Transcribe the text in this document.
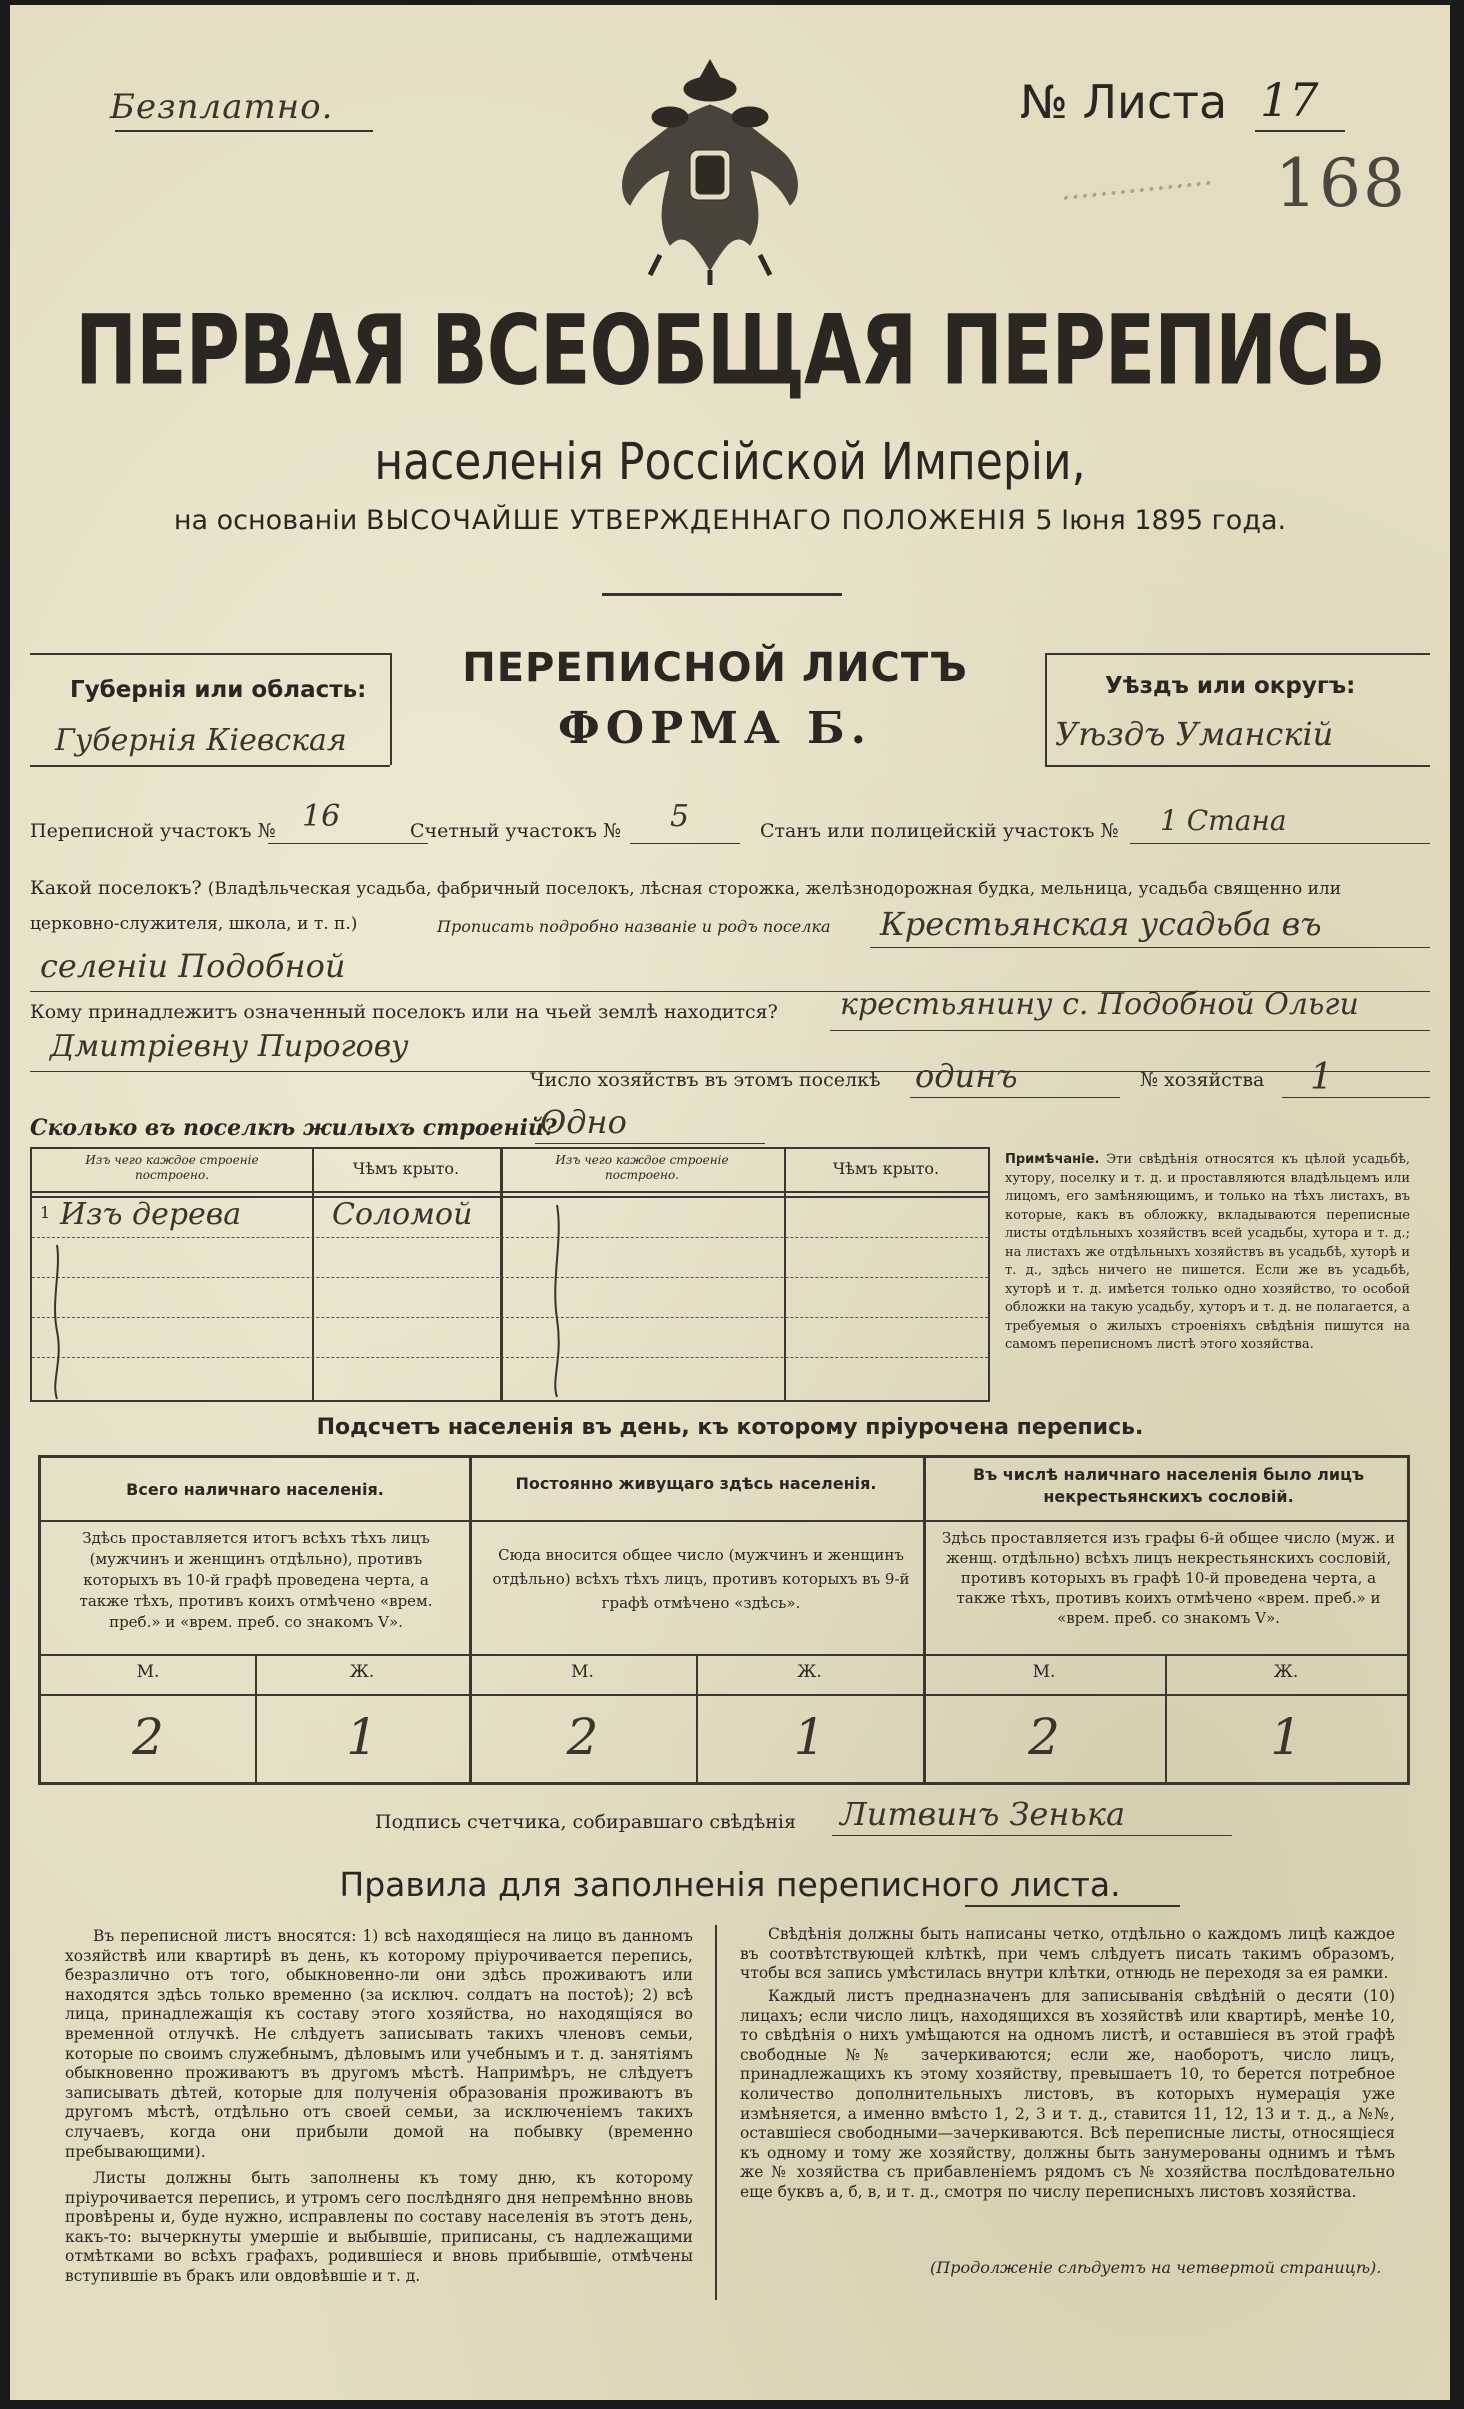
Безплатно.	№ Листа 17
168
................
ПЕРВАЯ ВСЕОБЩАЯ ПЕРЕПИСЬ
населенія Россійской Имперіи,
на основаніи ВЫСОЧАЙШЕ УТВЕРЖДЕННАГО ПОЛОЖЕНІЯ 5 Іюня 1895 года.
Губернія или область:
Губернія Кіевская
ПЕРЕПИСНОЙ ЛИСТЪ
ФОРМА Б.
Уѣздъ или округъ:
Уѣздъ Уманскій
Переписной участокъ № 16	Счетный участокъ № 5	Станъ или полицейскій участокъ № 1 Стана
Какой поселокъ? (Владѣльческая усадьба, фабричный поселокъ, лѣсная сторожка, желѣзнодорожная будка, мельница, усадьба священно или церковно-служителя, школа, и т. п.)	Прописать подробно названіе и родъ поселка Крестьянская усадьба въ
селеніи Подобной
Кому принадлежитъ означенный поселокъ или на чьей землѣ находится? крестьянину с. Подобной Ольги
Дмитріевну Пирогову
Число хозяйствъ въ этомъ поселкѣ одинъ	№ хозяйства 1
Сколько въ поселкѣ жилыхъ строеній?
Одно
Изъ чего каждое строеніе построено.	Чѣмъ крыто.	Изъ чего каждое строеніе построено.	Чѣмъ крыто.
1 Изъ дерева	Соломой
Примѣчаніе. Эти свѣдѣнія относятся къ цѣлой усадьбѣ, хутору, поселку и т. д. и проставляются владѣльцемъ или лицомъ, его замѣняющимъ, и только на тѣхъ листахъ, въ которые, какъ въ обложку, вкладываются переписные листы отдѣльныхъ хозяйствъ всей усадьбы, хутора и т. д.; на листахъ же отдѣльныхъ хозяйствъ въ усадьбѣ, хуторѣ и т. д., здѣсь ничего не пишется. Если же въ усадьбѣ, хуторѣ и т. д. имѣется только одно хозяйство, то особой обложки на такую усадьбу, хуторъ и т. д. не полагается, а требуемыя о жилыхъ строеніяхъ свѣдѣнія пишутся на самомъ переписномъ листѣ этого хозяйства.
Подсчетъ населенія въ день, къ которому пріурочена перепись.
Всего наличнаго населенія.	Постоянно живущаго здѣсь населенія.	Въ числѣ наличнаго населенія было лицъ некрестьянскихъ сословій.
Здѣсь проставляется итогъ всѣхъ тѣхъ лицъ (мужчинъ и женщинъ отдѣльно), противъ которыхъ въ 10-й графѣ проведена черта, а также тѣхъ, противъ коихъ отмѣчено «врем. преб.» и «врем. преб. со знакомъ V».
Сюда вносится общее число (мужчинъ и женщинъ отдѣльно) всѣхъ тѣхъ лицъ, противъ которыхъ въ 9-й графѣ отмѣчено «здѣсь».
Здѣсь проставляется изъ графы 6-й общее число (муж. и женщ. отдѣльно) всѣхъ лицъ некрестьянскихъ сословій, противъ которыхъ въ графѣ 10-й проведена черта, а также тѣхъ, противъ коихъ отмѣчено «врем. преб.» и «врем. преб. со знакомъ V».
М.	Ж.	М.	Ж.	М.	Ж.
2	1	2	1	2	1
Подпись счетчика, собиравшаго свѣдѣнія Литвинъ Зенька
Правила для заполненія переписного листа.
Въ переписной листъ вносятся: 1) всѣ находящіеся на лицо въ данномъ хозяйствѣ или квартирѣ въ день, къ которому пріурочивается перепись, безразлично отъ того, обыкновенно-ли они здѣсь проживаютъ или находятся здѣсь только временно (за исключ. солдатъ на постоѣ); 2) всѣ лица, принадлежащія къ составу этого хозяйства, но находящіяся во временной отлучкѣ. Не слѣдуетъ записывать такихъ членовъ семьи, которые по своимъ служебнымъ, дѣловымъ или учебнымъ и т. д. занятіямъ обыкновенно проживаютъ въ другомъ мѣстѣ. Напримѣръ, не слѣдуетъ записывать дѣтей, которые для полученія образованія проживаютъ въ другомъ мѣстѣ, отдѣльно отъ своей семьи, за исключеніемъ такихъ случаевъ, когда они прибыли домой на побывку (временно пребывающими).
Листы должны быть заполнены къ тому дню, къ которому пріурочивается перепись, и утромъ сего послѣдняго дня непремѣнно вновь провѣрены и, буде нужно, исправлены по составу населенія въ этотъ день, какъ-то: вычеркнуты умершіе и выбывшіе, приписаны, съ надлежащими отмѣтками во всѣхъ графахъ, родившіеся и вновь прибывшіе, отмѣчены вступившіе въ бракъ или овдовѣвшіе и т. д.
Свѣдѣнія должны быть написаны четко, отдѣльно о каждомъ лицѣ каждое въ соотвѣтствующей клѣткѣ, при чемъ слѣдуетъ писать такимъ образомъ, чтобы вся запись умѣстилась внутри клѣтки, отнюдь не переходя за ея рамки.
Каждый листъ предназначенъ для записыванія свѣдѣній о десяти (10) лицахъ; если число лицъ, находящихся въ хозяйствѣ или квартирѣ, менѣе 10, то свѣдѣнія о нихъ умѣщаются на одномъ листѣ, и оставшіеся въ этой графѣ свободные №№ зачеркиваются; если же, наоборотъ, число лицъ, принадлежащихъ къ этому хозяйству, превышаетъ 10, то берется потребное количество дополнительныхъ листовъ, въ которыхъ нумерація уже измѣняется, а именно вмѣсто 1, 2, 3 и т. д., ставится 11, 12, 13 и т. д., а №№, оставшіеся свободными—зачеркиваются. Всѣ переписные листы, относящіеся къ одному и тому же хозяйству, должны быть занумерованы однимъ и тѣмъ же № хозяйства съ прибавленіемъ рядомъ съ № хозяйства послѣдовательно еще буквъ а, б, в, и т. д., смотря по числу переписныхъ листовъ хозяйства.
(Продолженіе слѣдуетъ на четвертой страницѣ).
